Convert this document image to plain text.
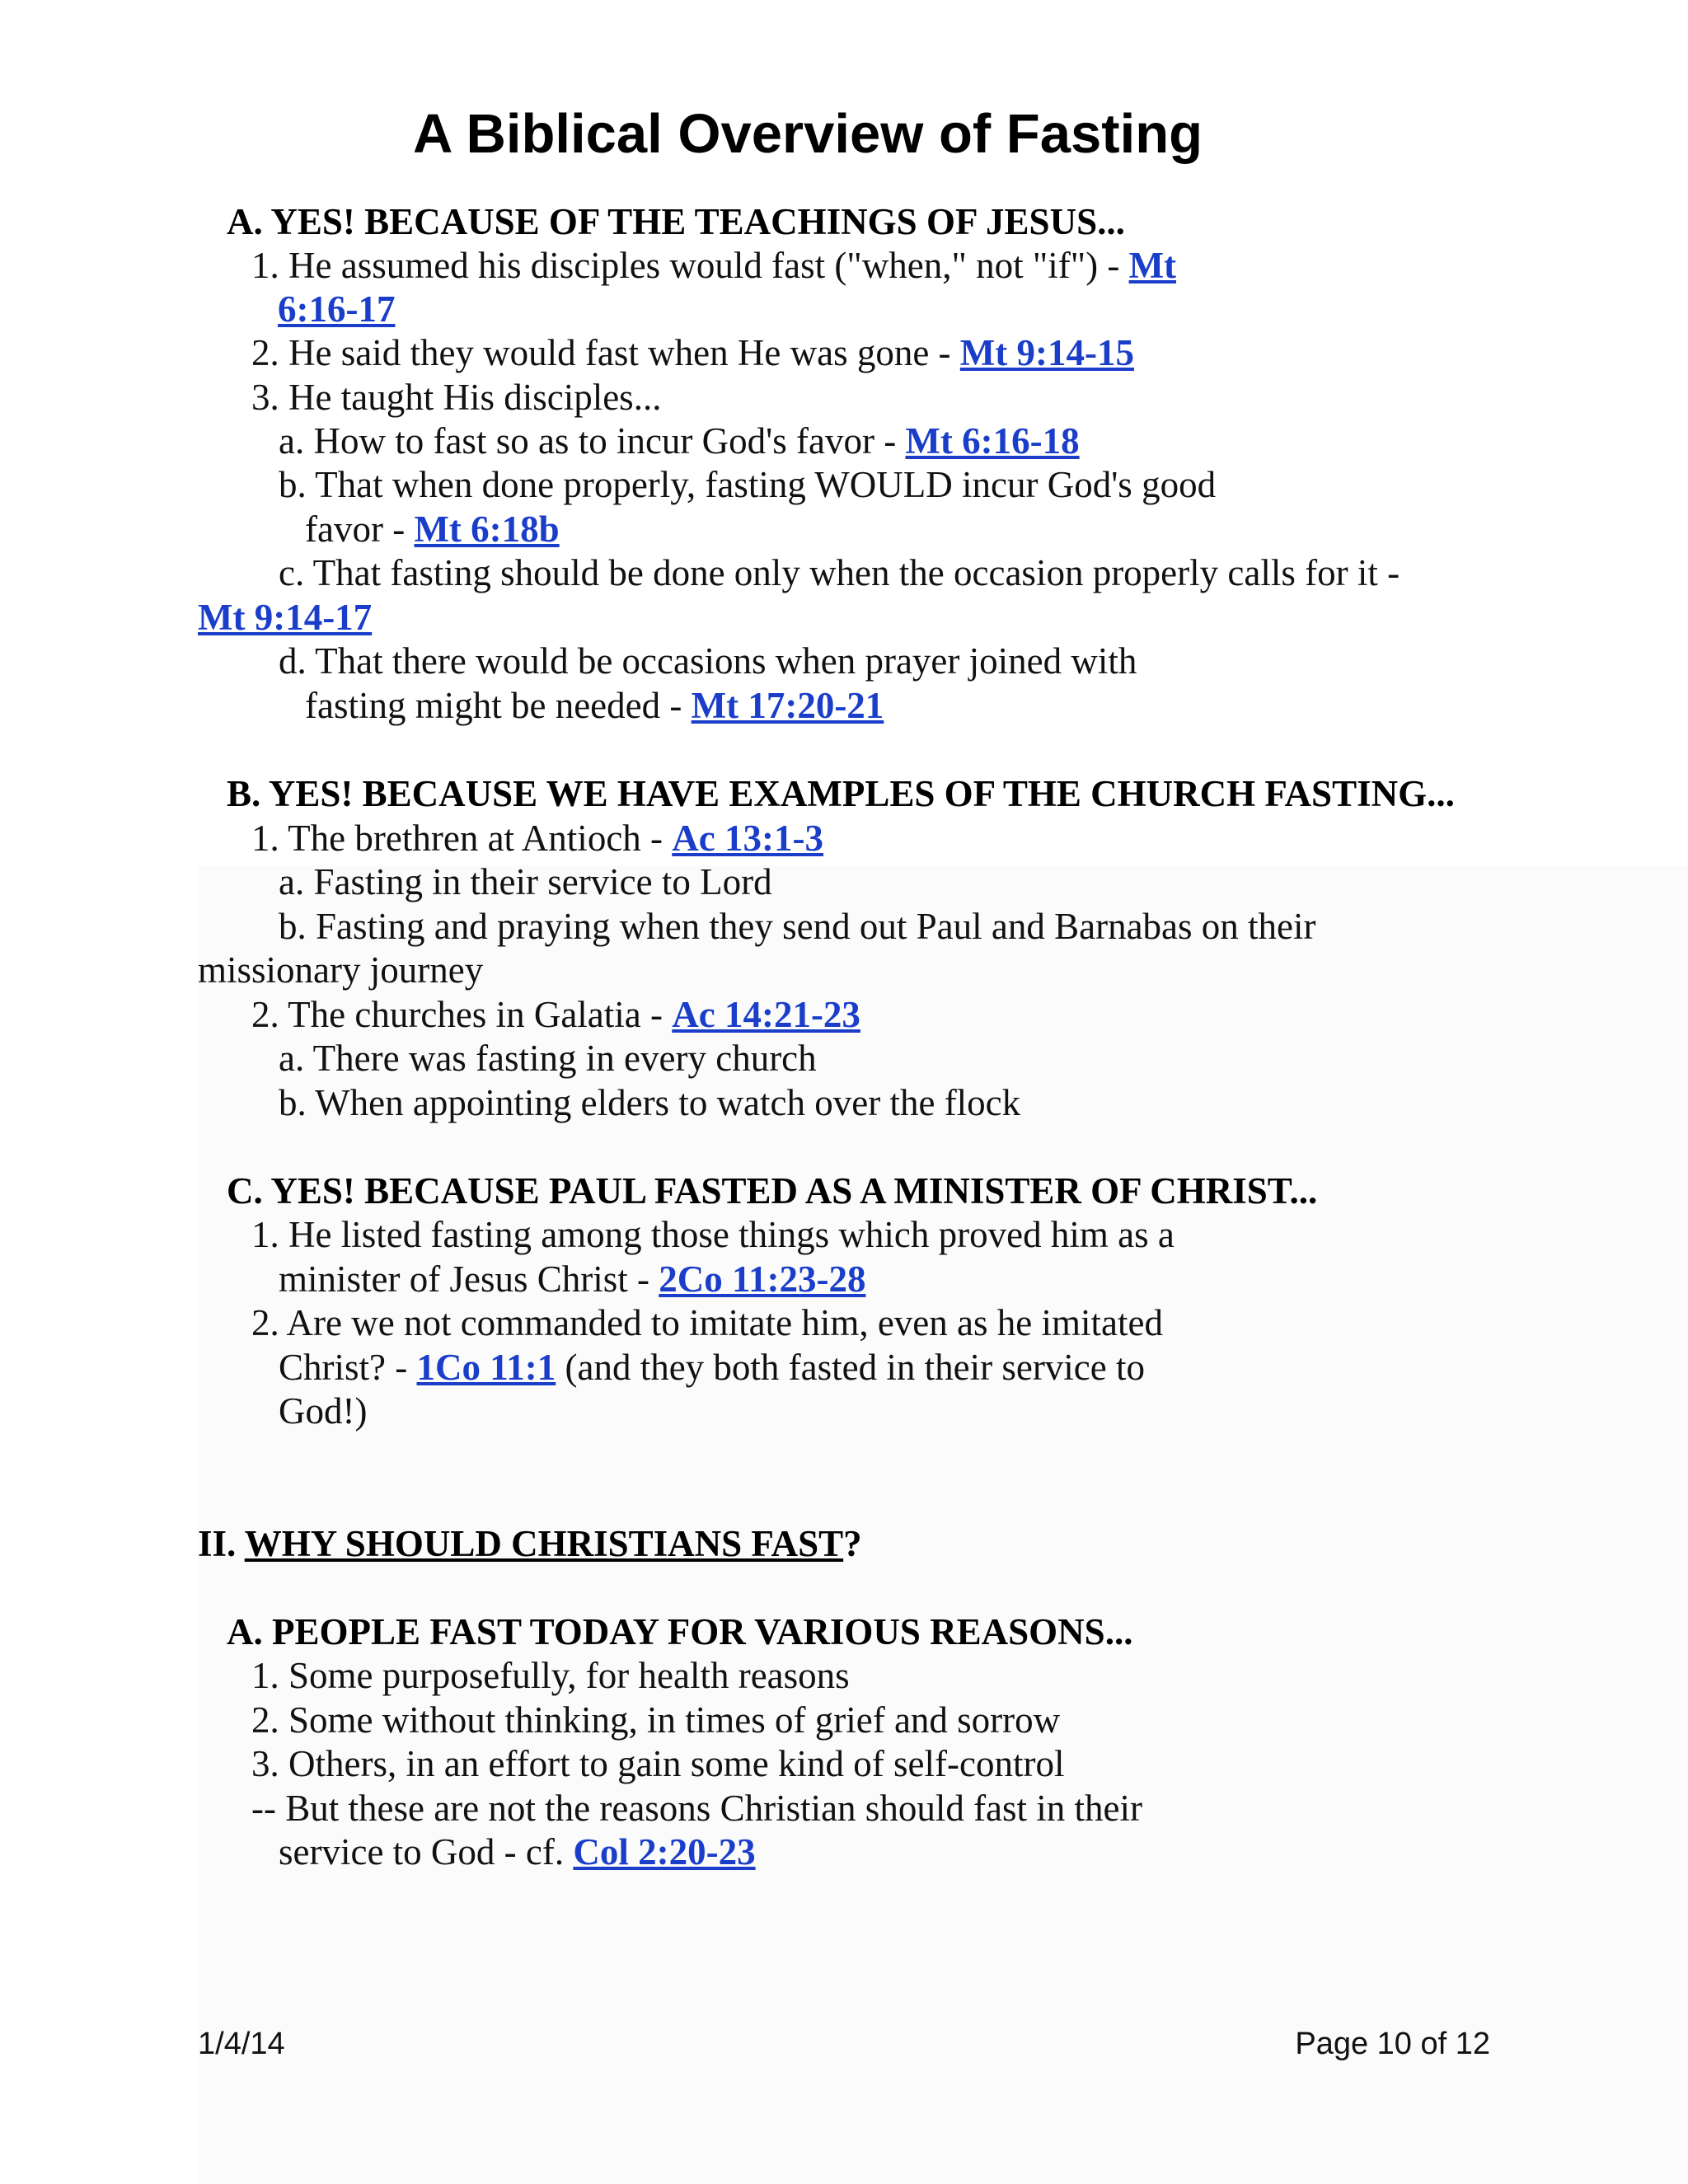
A Biblical Overview of Fasting
A. YES! BECAUSE OF THE TEACHINGS OF JESUS...
1. He assumed his disciples would fast ("when," not "if") - Mt
6:16-17
2. He said they would fast when He was gone - Mt 9:14-15
3. He taught His disciples...
a. How to fast so as to incur God's favor - Mt 6:16-18
b. That when done properly, fasting WOULD incur God's good
favor - Mt 6:18b
c. That fasting should be done only when the occasion properly calls for it -
Mt 9:14-17
d. That there would be occasions when prayer joined with
fasting might be needed - Mt 17:20-21
B. YES! BECAUSE WE HAVE EXAMPLES OF THE CHURCH FASTING...
1. The brethren at Antioch - Ac 13:1-3
a. Fasting in their service to Lord
b. Fasting and praying when they send out Paul and Barnabas on their
missionary journey
2. The churches in Galatia - Ac 14:21-23
a. There was fasting in every church
b. When appointing elders to watch over the flock
C. YES! BECAUSE PAUL FASTED AS A MINISTER OF CHRIST...
1. He listed fasting among those things which proved him as a
minister of Jesus Christ - 2Co 11:23-28
2. Are we not commanded to imitate him, even as he imitated
Christ? - 1Co 11:1 (and they both fasted in their service to
God!)
II. WHY SHOULD CHRISTIANS FAST?
A. PEOPLE FAST TODAY FOR VARIOUS REASONS...
1. Some purposefully, for health reasons
2. Some without thinking, in times of grief and sorrow
3. Others, in an effort to gain some kind of self-control
-- But these are not the reasons Christian should fast in their
service to God - cf. Col 2:20-23
1/4/14	Page 10 of 12
